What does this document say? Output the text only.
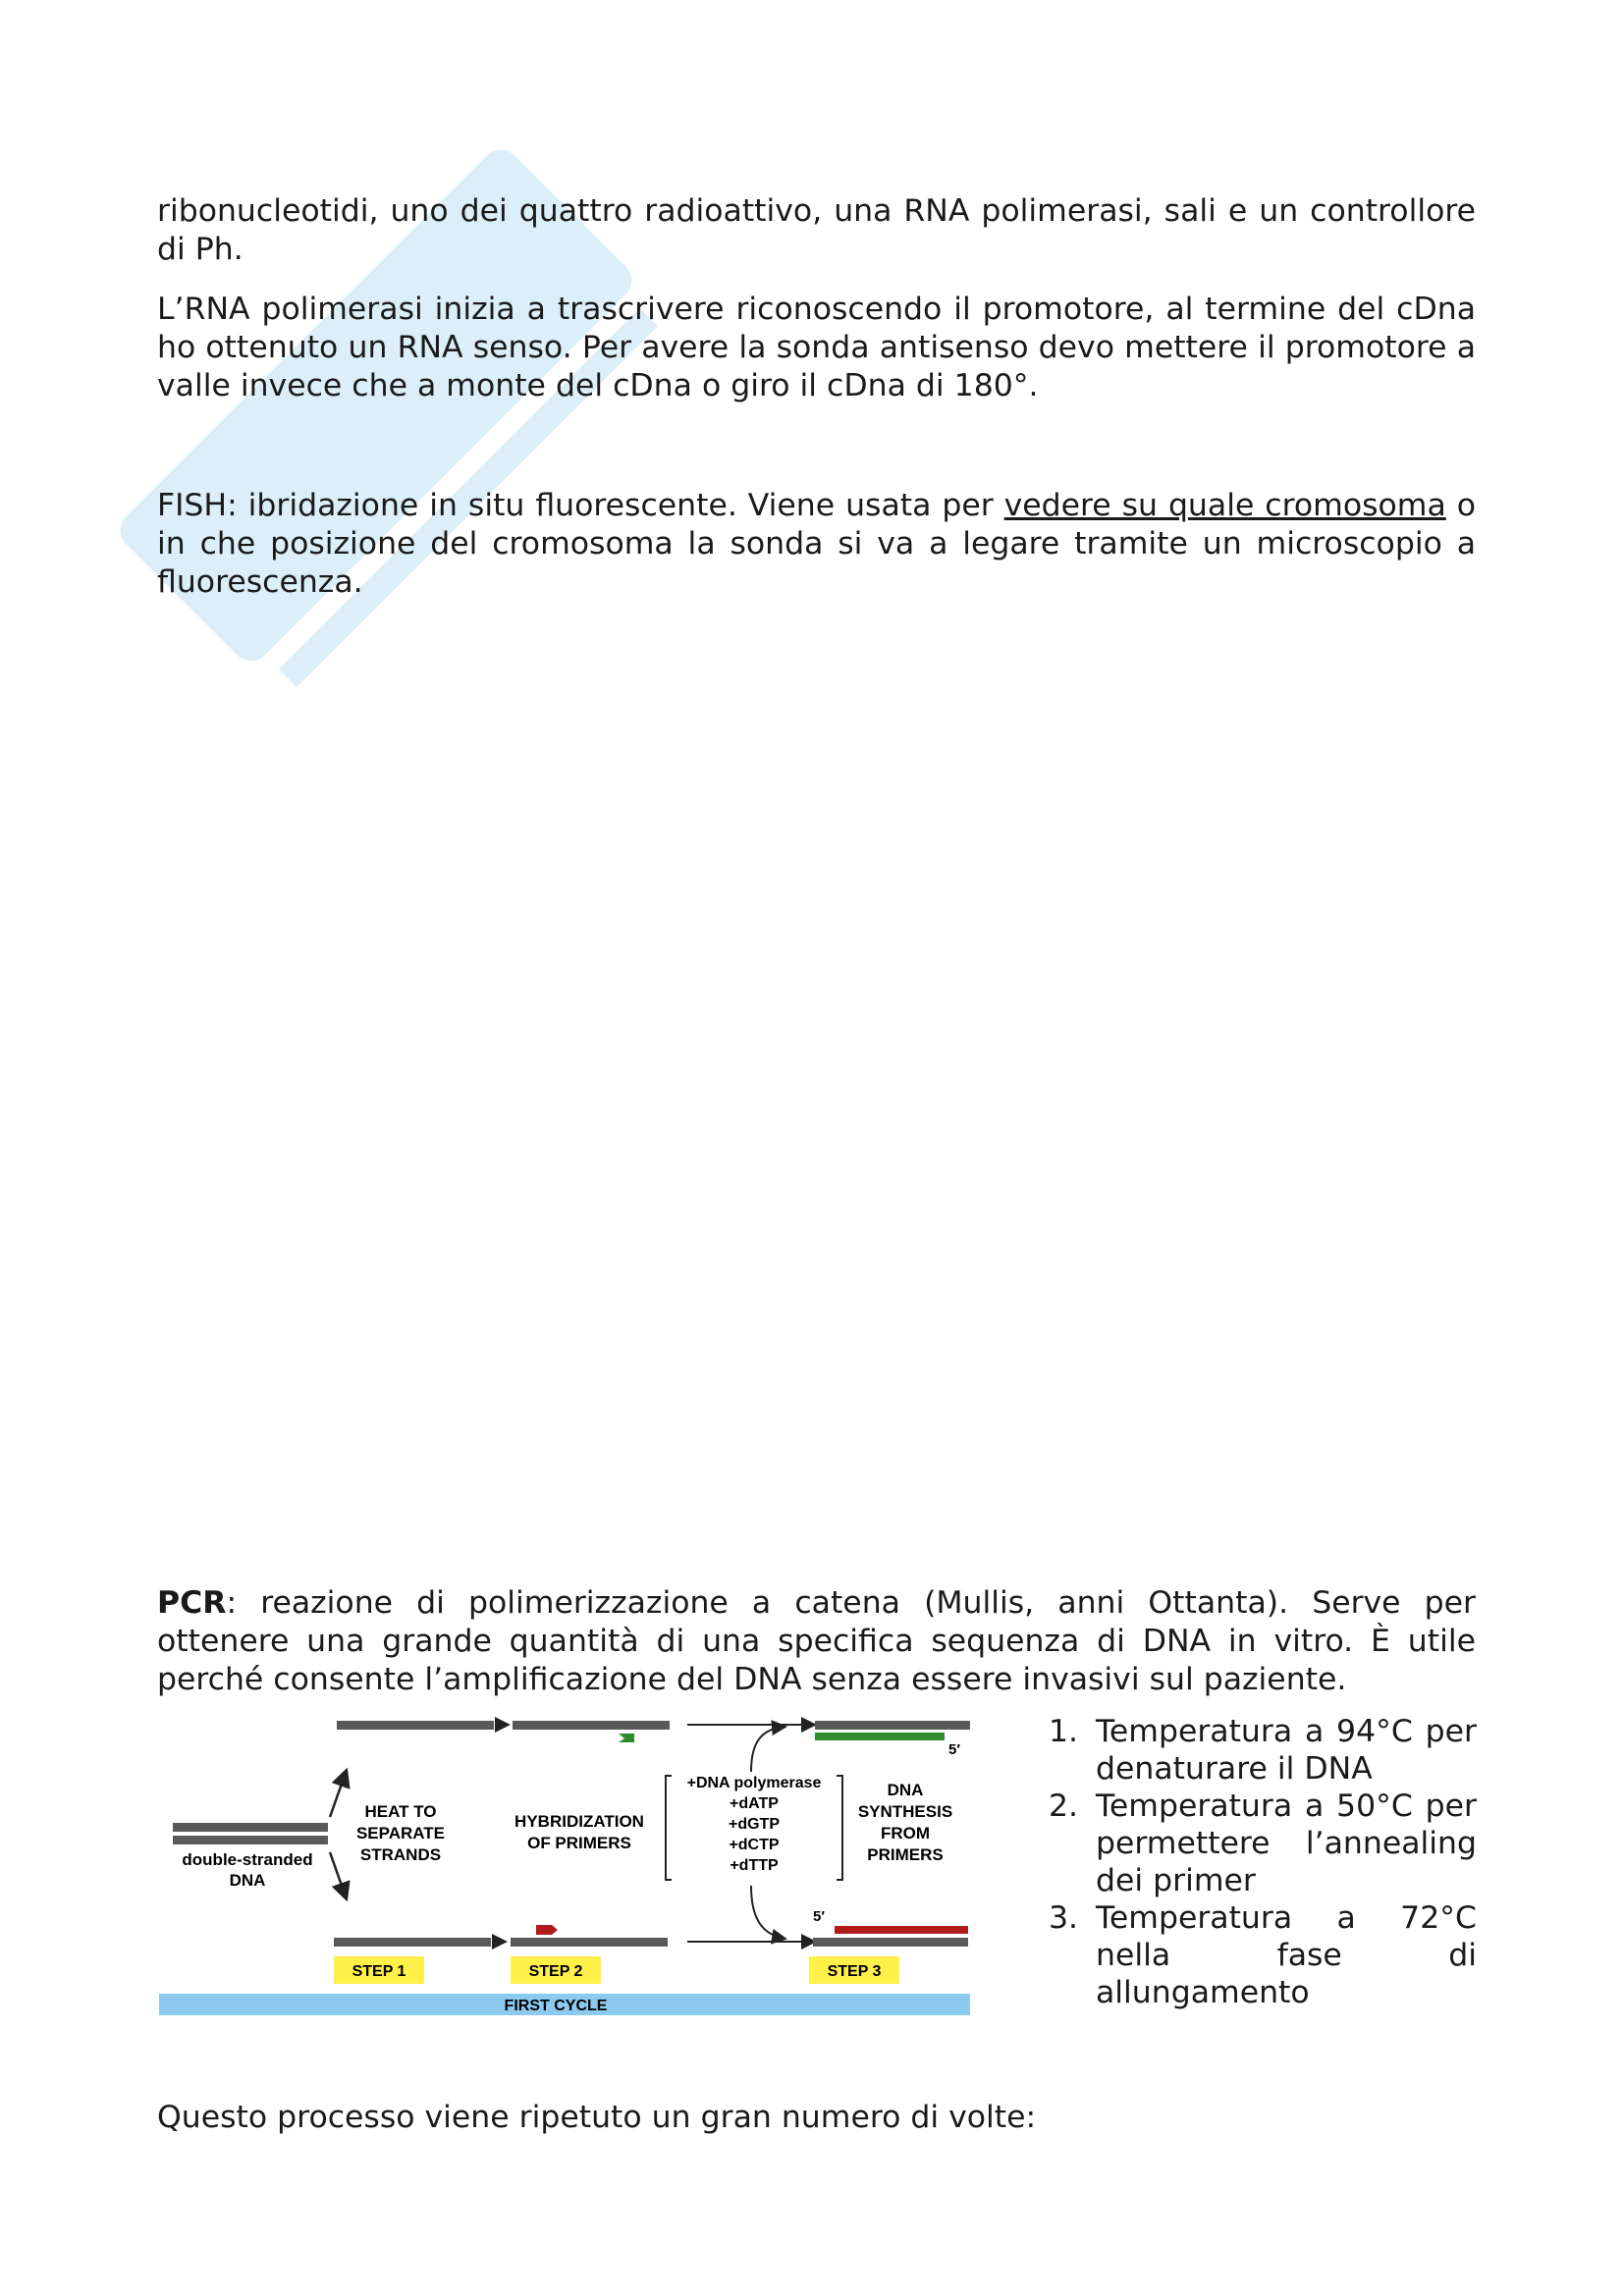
ribonucleotidi, uno dei quattro radioattivo, una RNA polimerasi, sali e un controllore di Ph.

L’RNA polimerasi inizia a trascrivere riconoscendo il promotore, al termine del cDna ho ottenuto un RNA senso. Per avere la sonda antisenso devo mettere il promotore a valle invece che a monte del cDna o giro il cDna di 180°.

FISH: ibridazione in situ fluorescente. Viene usata per vedere su quale cromosoma o in che posizione del cromosoma la sonda si va a legare tramite un microscopio a fluorescenza.

PCR: reazione di polimerizzazione a catena (Mullis, anni Ottanta). Serve per ottenere una grande quantità di una specifica sequenza di DNA in vitro. È utile perché consente l’amplificazione del DNA senza essere invasivi sul paziente.

double-stranded
DNA
HEAT TO
SEPARATE
STRANDS
HYBRIDIZATION
OF PRIMERS
+DNA polymerase
+dATP
+dGTP
+dCTP
+dTTP
5′
5′
DNA
SYNTHESIS
FROM
PRIMERS
STEP 1	STEP 2	STEP 3
FIRST CYCLE
1. Temperatura a 94°C per denaturare il DNA
2. Temperatura a 50°C per permettere l’annealing dei primer
3. Temperatura a 72°C nella fase di allungamento

Questo processo viene ripetuto un gran numero di volte:
